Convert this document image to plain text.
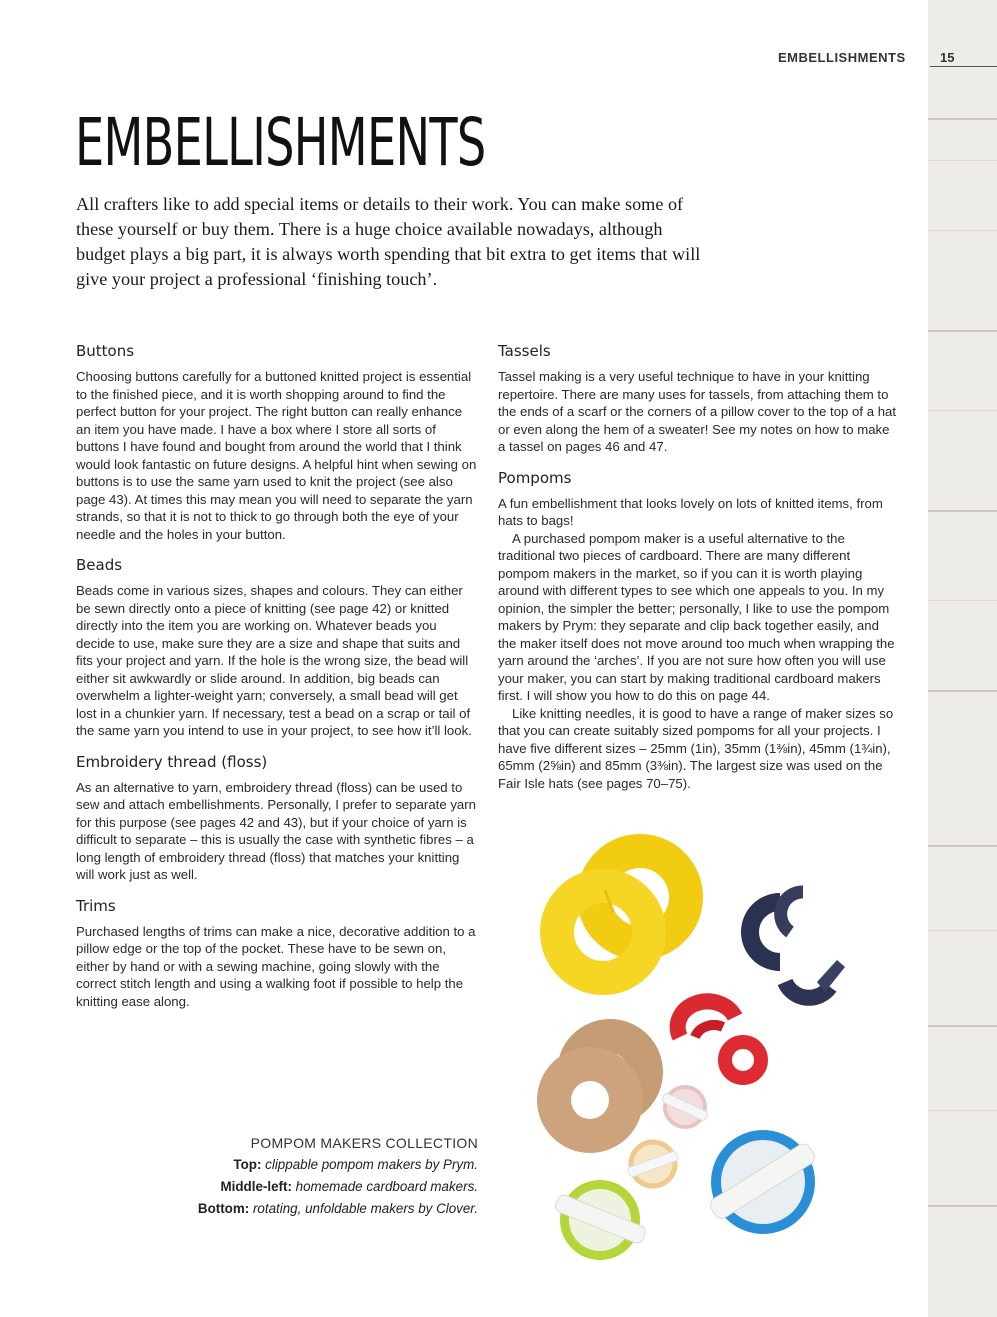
EMBELLISHMENTS	15
EMBELLISHMENTS

All crafters like to add special items or details to their work. You can make some of these yourself or buy them. There is a huge choice available nowadays, although budget plays a big part, it is always worth spending that bit extra to get items that will give your project a professional ‘finishing touch’.

Buttons

Choosing buttons carefully for a buttoned knitted project is essential to the finished piece, and it is worth shopping around to find the perfect button for your project. The right button can really enhance an item you have made. I have a box where I store all sorts of buttons I have found and bought from around the world that I think would look fantastic on future designs. A helpful hint when sewing on buttons is to use the same yarn used to knit the project (see also page 43). At times this may mean you will need to separate the yarn strands, so that it is not to thick to go through both the eye of your needle and the holes in your button.

Beads

Beads come in various sizes, shapes and colours. They can either be sewn directly onto a piece of knitting (see page 42) or knitted directly into the item you are working on. Whatever beads you decide to use, make sure they are a size and shape that suits and fits your project and yarn. If the hole is the wrong size, the bead will either sit awkwardly or slide around. In addition, big beads can overwhelm a lighter-weight yarn; conversely, a small bead will get lost in a chunkier yarn. If necessary, test a bead on a scrap or tail of the same yarn you intend to use in your project, to see how it’ll look.

Embroidery thread (floss)

As an alternative to yarn, embroidery thread (floss) can be used to sew and attach embellishments. Personally, I prefer to separate yarn for this purpose (see pages 42 and 43), but if your choice of yarn is difficult to separate – this is usually the case with synthetic fibres – a long length of embroidery thread (floss) that matches your knitting will work just as well.

Trims

Purchased lengths of trims can make a nice, decorative addition to a pillow edge or the top of the pocket. These have to be sewn on, either by hand or with a sewing machine, going slowly with the correct stitch length and using a walking foot if possible to help the knitting ease along.

Tassels

Tassel making is a very useful technique to have in your knitting repertoire. There are many uses for tassels, from attaching them to the ends of a scarf or the corners of a pillow cover to the top of a hat or even along the hem of a sweater! See my notes on how to make a tassel on pages 46 and 47.

Pompoms

A fun embellishment that looks lovely on lots of knitted items, from hats to bags!

A purchased pompom maker is a useful alternative to the traditional two pieces of cardboard. There are many different pompom makers in the market, so if you can it is worth playing around with different types to see which one appeals to you. In my opinion, the simpler the better; personally, I like to use the pompom makers by Prym: they separate and clip back together easily, and the maker itself does not move around too much when wrapping the yarn around the ‘arches’. If you are not sure how often you will use your maker, you can start by making traditional cardboard makers first. I will show you how to do this on page 44.

Like knitting needles, it is good to have a range of maker sizes so that you can create suitably sized pompoms for all your projects. I have five different sizes – 25mm (1in), 35mm (1⅜in), 45mm (1¾in), 65mm (2⅝in) and 85mm (3⅜in). The largest size was used on the Fair Isle hats (see pages 70–75).

POMPOM MAKERS COLLECTION
Top: clippable pompom makers by Prym.
Middle-left: homemade cardboard makers.
Bottom: rotating, unfoldable makers by Clover.
